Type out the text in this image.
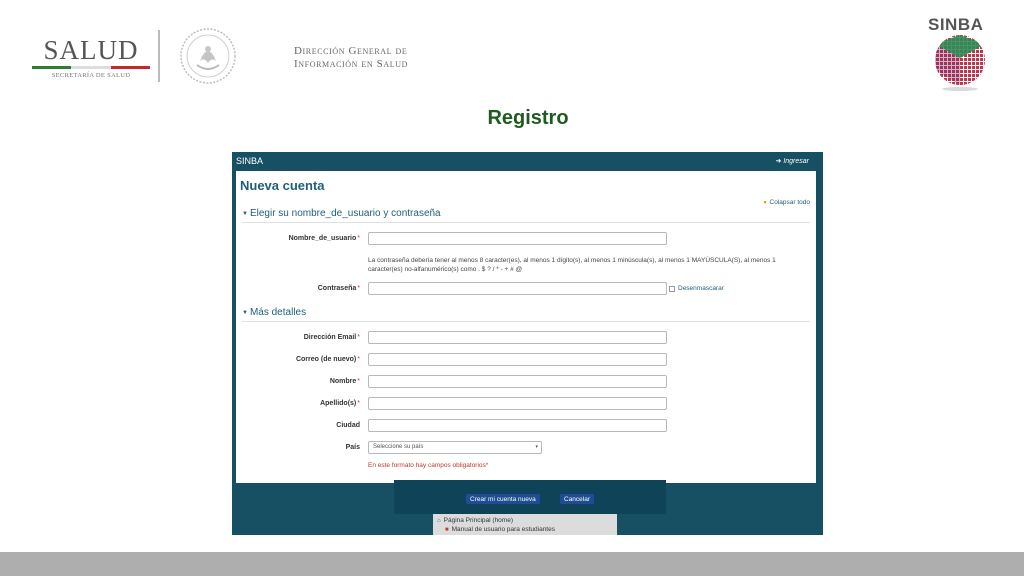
SALUD
SECRETARÍA DE SALUD
Dirección General de
Información en Salud
SINBA
Registro
SINBA	➜ Ingresar
Nueva cuenta
▼ Colapsar todo
▼ Elegir su nombre_de_usuario y contraseña
Nombre_de_usuario*
La contraseña debería tener al menos 8 caracter(es), al menos 1 dígito(s), al menos 1 minúscula(s), al menos 1 MAYÚSCULA(S), al menos 1 caracter(es) no-alfanumérico(s) como . $ ? / * - + # @
Contraseña*	Desenmascarar
▼ Más detalles
Dirección Email*
Correo (de nuevo)*
Nombre*
Apellido(s)*
Ciudad
País	Seleccione su país	▾
En este formato hay campos obligatorios*
Crear mi cuenta nueva	Cancelar
⌂ Página Principal (home)
■ Manual de usuario para estudiantes
